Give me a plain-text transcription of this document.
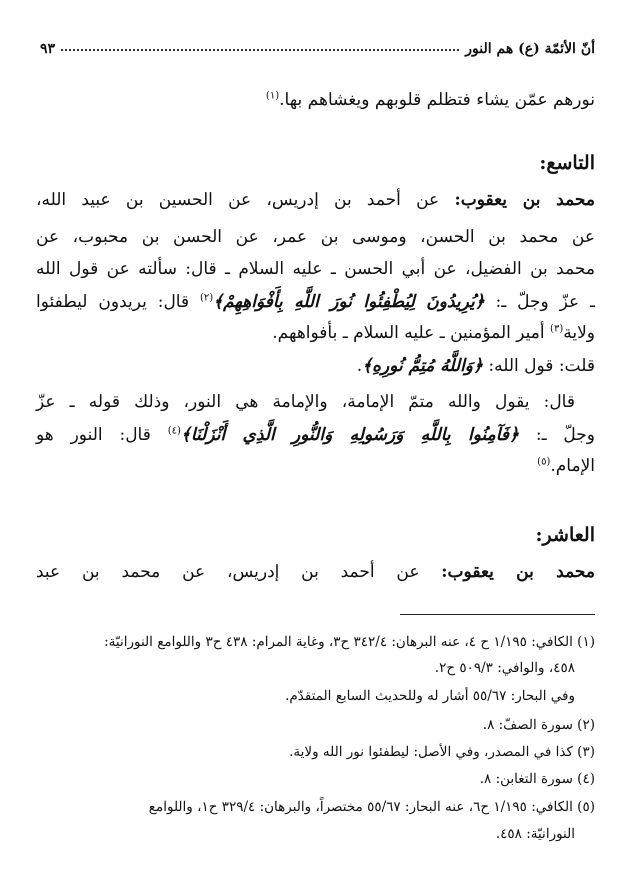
أنّ الأئمّة (ع) هم النور
٩٣
نورهم عمّن يشاء فتظلم قلوبهم ويغشاهم بها.$^{(١)}$
التاسع:
محمد بن يعقوب: عن أحمد بن إدريس، عن الحسين بن عبيد الله،
عن محمد بن الحسن، وموسى بن عمر، عن الحسن بن محبوب، عن
محمد بن الفضيل، عن أبي الحسن ـ عليه السلام ـ قال: سألته عن قول الله
ـ عزّ وجلّ ـ: ﴿يُرِيدُونَ لِيُطْفِئُوا نُورَ اللَّهِ بِأَفْوَاهِهِمْ﴾$^{(٢)}$ قال: يريدون ليطفئوا
ولاية$^{(٣)}$ أمير المؤمنين ـ عليه السلام ـ بأفواههم.
قلت: قول الله: ﴿وَاللَّهُ مُتِمُّ نُورِهِ﴾.
قال: يقول والله متمّ الإمامة، والإمامة هي النور، وذلك قوله ـ عزّ
وجلّ ـ: ﴿فَآمِنُوا بِاللَّهِ وَرَسُولِهِ وَالنُّورِ الَّذِي أَنْزَلْنَا﴾$^{(٤)}$ قال: النور هو
الإمام.$^{(٥)}$
العاشر:
محمد بن يعقوب: عن أحمد بن إدريس، عن محمد بن عبد
(١) الكافي: ١/١٩٥ ح ٤، عنه البرهان: ٣٤٢/٤ ح٣، وغاية المرام: ٤٣٨ ح٣ واللوامع النورانيّة:
٤٥٨، والوافي: ٥٠٩/٣ ح٢.
وفي البحار: ٥٥/٦٧ أشار له وللحديث السابع المتقدّم.
(٢) سورة الصفّ: ٨.
(٣) كذا في المصدر، وفي الأصل: ليطفئوا نور الله ولاية.
(٤) سورة التغابن: ٨.
(٥) الكافي: ١/١٩٥ ح٦، عنه البحار: ٥٥/٦٧ مختصراً، والبرهان: ٣٢٩/٤ ح١، واللوامع
النورانيّة: ٤٥٨.
